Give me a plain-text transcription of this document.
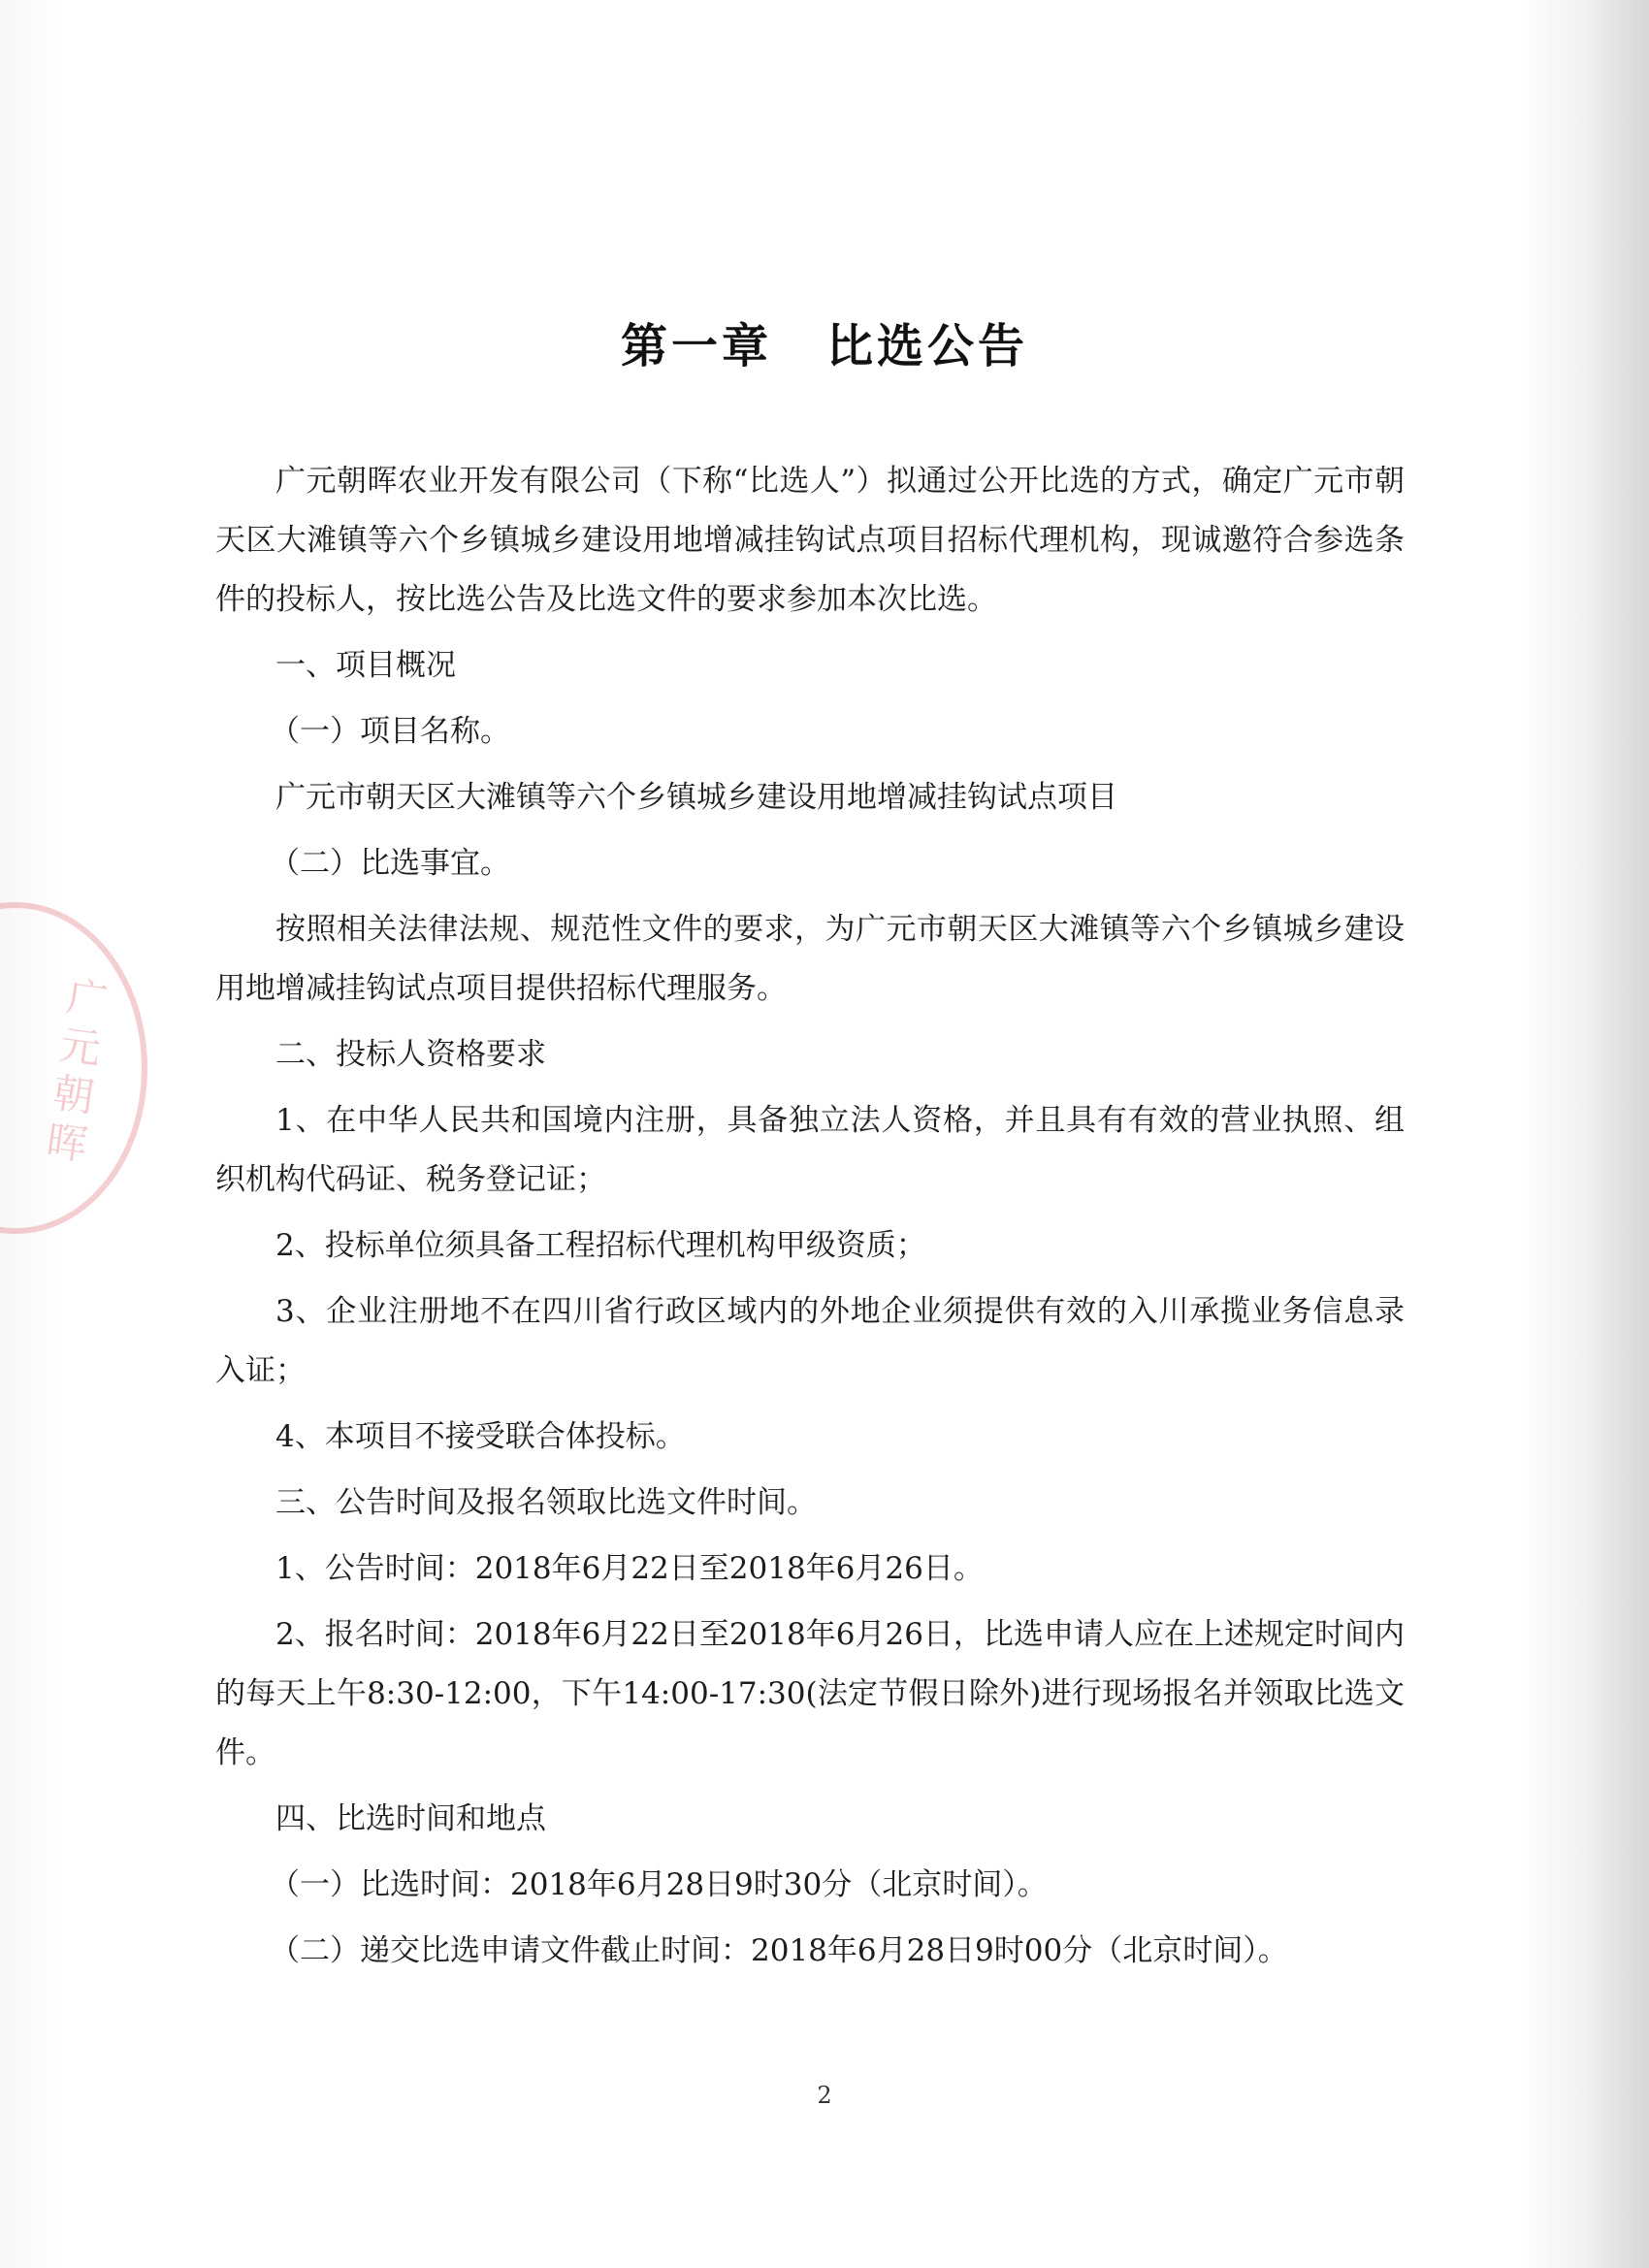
广元朝晖
第一章 比选公告

广元朝晖农业开发有限公司（下称“比选人”）拟通过公开比选的方式，确定广元市朝天区大滩镇等六个乡镇城乡建设用地增减挂钩试点项目招标代理机构，现诚邀符合参选条件的投标人，按比选公告及比选文件的要求参加本次比选。

一、项目概况

（一）项目名称。

广元市朝天区大滩镇等六个乡镇城乡建设用地增减挂钩试点项目

（二）比选事宜。

按照相关法律法规、规范性文件的要求，为广元市朝天区大滩镇等六个乡镇城乡建设用地增减挂钩试点项目提供招标代理服务。

二、投标人资格要求

1、在中华人民共和国境内注册，具备独立法人资格，并且具有有效的营业执照、组织机构代码证、税务登记证；

2、投标单位须具备工程招标代理机构甲级资质；

3、企业注册地不在四川省行政区域内的外地企业须提供有效的入川承揽业务信息录入证；

4、本项目不接受联合体投标。

三、公告时间及报名领取比选文件时间。

1、公告时间：2018年6月22日至2018年6月26日。

2、报名时间：2018年6月22日至2018年6月26日，比选申请人应在上述规定时间内的每天上午8:30-12:00，下午14:00-17:30(法定节假日除外)进行现场报名并领取比选文件。

四、比选时间和地点

（一）比选时间：2018年6月28日9时30分（北京时间）。

（二）递交比选申请文件截止时间：2018年6月28日9时00分（北京时间）。

2
